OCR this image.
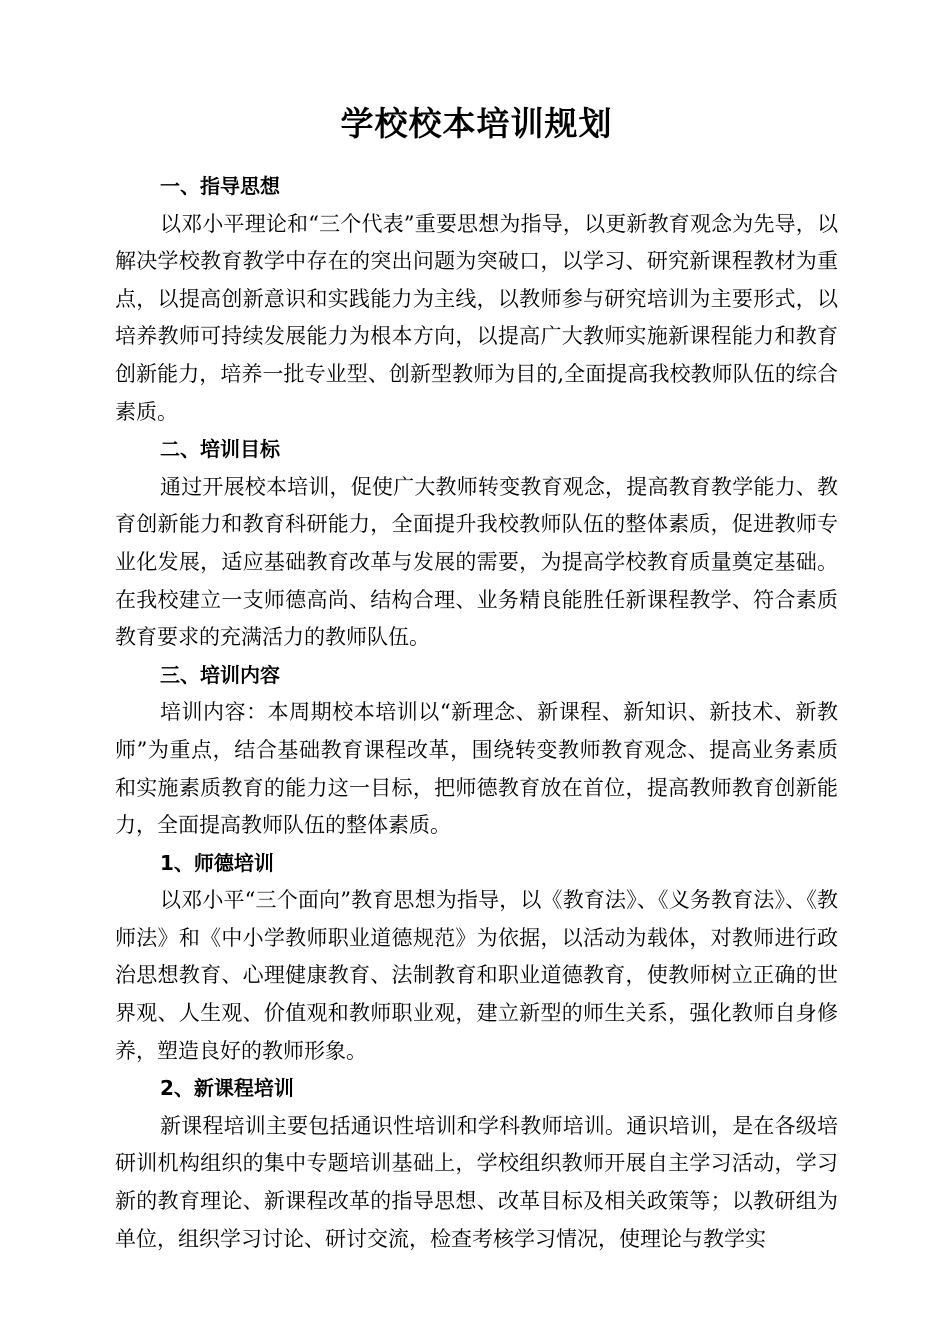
学校校本培训规划
一、指导思想

以邓小平理论和“三个代表”重要思想为指导，以更新教育观念为先导，以解决学校教育教学中存在的突出问题为突破口，以学习、研究新课程教材为重点，以提高创新意识和实践能力为主线，以教师参与研究培训为主要形式，以培养教师可持续发展能力为根本方向，以提高广大教师实施新课程能力和教育创新能力，培养一批专业型、创新型教师为目的,全面提高我校教师队伍的综合素质。

二、培训目标

通过开展校本培训，促使广大教师转变教育观念，提高教育教学能力、教育创新能力和教育科研能力，全面提升我校教师队伍的整体素质，促进教师专业化发展，适应基础教育改革与发展的需要，为提高学校教育质量奠定基础。在我校建立一支师德高尚、结构合理、业务精良能胜任新课程教学、符合素质教育要求的充满活力的教师队伍。

三、培训内容

培训内容：本周期校本培训以“新理念、新课程、新知识、新技术、新教师”为重点，结合基础教育课程改革，围绕转变教师教育观念、提高业务素质和实施素质教育的能力这一目标，把师德教育放在首位，提高教师教育创新能力，全面提高教师队伍的整体素质。

1、师德培训

以邓小平“三个面向”教育思想为指导，以《教育法》、《义务教育法》、《教师法》和《中小学教师职业道德规范》为依据，以活动为载体，对教师进行政治思想教育、心理健康教育、法制教育和职业道德教育，使教师树立正确的世界观、人生观、价值观和教师职业观，建立新型的师生关系，强化教师自身修养，塑造良好的教师形象。

2、新课程培训

新课程培训主要包括通识性培训和学科教师培训。通识培训，是在各级培研训机构组织的集中专题培训基础上，学校组织教师开展自主学习活动，学习新的教育理论、新课程改革的指导思想、改革目标及相关政策等；以教研组为单位，组织学习讨论、研讨交流，检查考核学习情况，使理论与教学实
